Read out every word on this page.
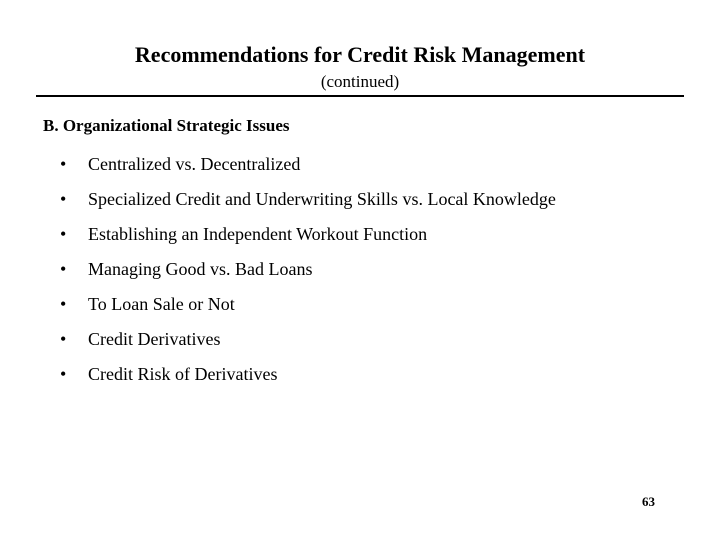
Recommendations for Credit Risk Management
(continued)
B. Organizational Strategic Issues
•	Centralized vs. Decentralized
•	Specialized Credit and Underwriting Skills vs. Local Knowledge
•	Establishing an Independent Workout Function
•	Managing Good vs. Bad Loans
•	To Loan Sale or Not
•	Credit Derivatives
•	Credit Risk of Derivatives
63
